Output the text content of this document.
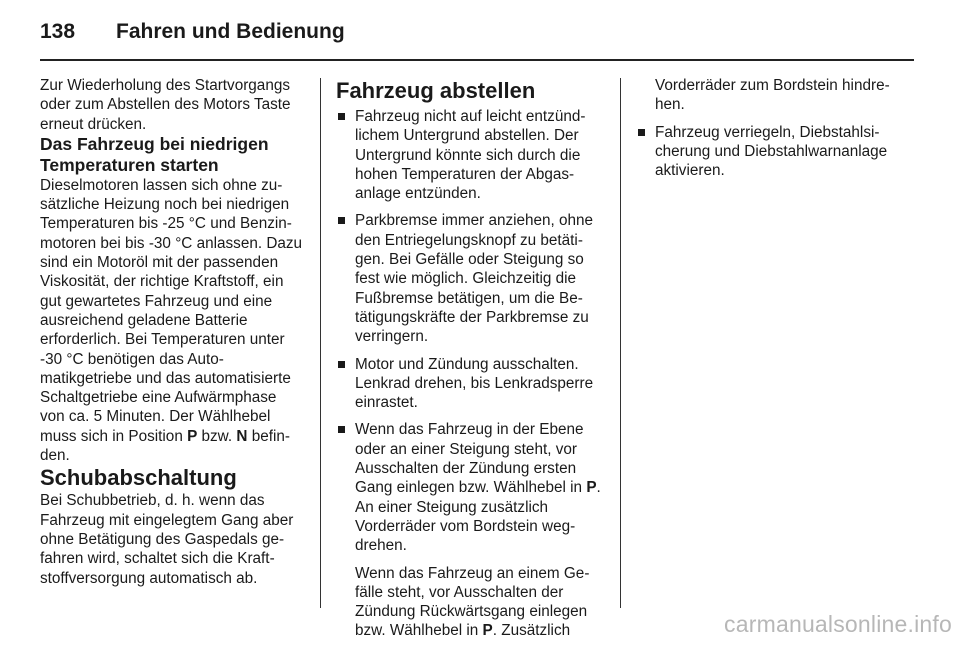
138 Fahren und Bedienung

Zur Wiederholung des Startvorgangs oder zum Abstellen des Motors Taste erneut drücken.

Das Fahrzeug bei niedrigen Temperaturen starten

Dieselmotoren lassen sich ohne zusätzliche Heizung noch bei niedrigen Temperaturen bis -25 °C und Benzinmotoren bei bis -30 °C anlassen. Dazu sind ein Motoröl mit der passenden Viskosität, der richtige Kraftstoff, ein gut gewartetes Fahrzeug und eine ausreichend geladene Batterie erforderlich. Bei Temperaturen unter -30 °C benötigen das Automatikgetriebe und das automatisierte Schaltgetriebe eine Aufwärmphase von ca. 5 Minuten. Der Wählhebel muss sich in Position P bzw. N befinden.

Schubabschaltung

Bei Schubbetrieb, d. h. wenn das Fahrzeug mit eingelegtem Gang aber ohne Betätigung des Gaspedals gefahren wird, schaltet sich die Kraftstoffversorgung automatisch ab.

Fahrzeug abstellen

Fahrzeug nicht auf leicht entzündlichem Untergrund abstellen. Der Untergrund könnte sich durch die hohen Temperaturen der Abgasanlage entzünden.
Parkbremse immer anziehen, ohne den Entriegelungsknopf zu betätigen. Bei Gefälle oder Steigung so fest wie möglich. Gleichzeitig die Fußbremse betätigen, um die Betätigungskräfte der Parkbremse zu verringern.
Motor und Zündung ausschalten. Lenkrad drehen, bis Lenkradsperre einrastet.
Wenn das Fahrzeug in der Ebene oder an einer Steigung steht, vor Ausschalten der Zündung ersten Gang einlegen bzw. Wählhebel in P. An einer Steigung zusätzlich Vorderräder vom Bordstein wegdrehen.
Wenn das Fahrzeug an einem Gefälle steht, vor Ausschalten der Zündung Rückwärtsgang einlegen bzw. Wählhebel in P. Zusätzlich
Vorderräder zum Bordstein hindrehen.
Fahrzeug verriegeln, Diebstahlsicherung und Diebstahlwarnanlage aktivieren.
carmanualsonline.info
